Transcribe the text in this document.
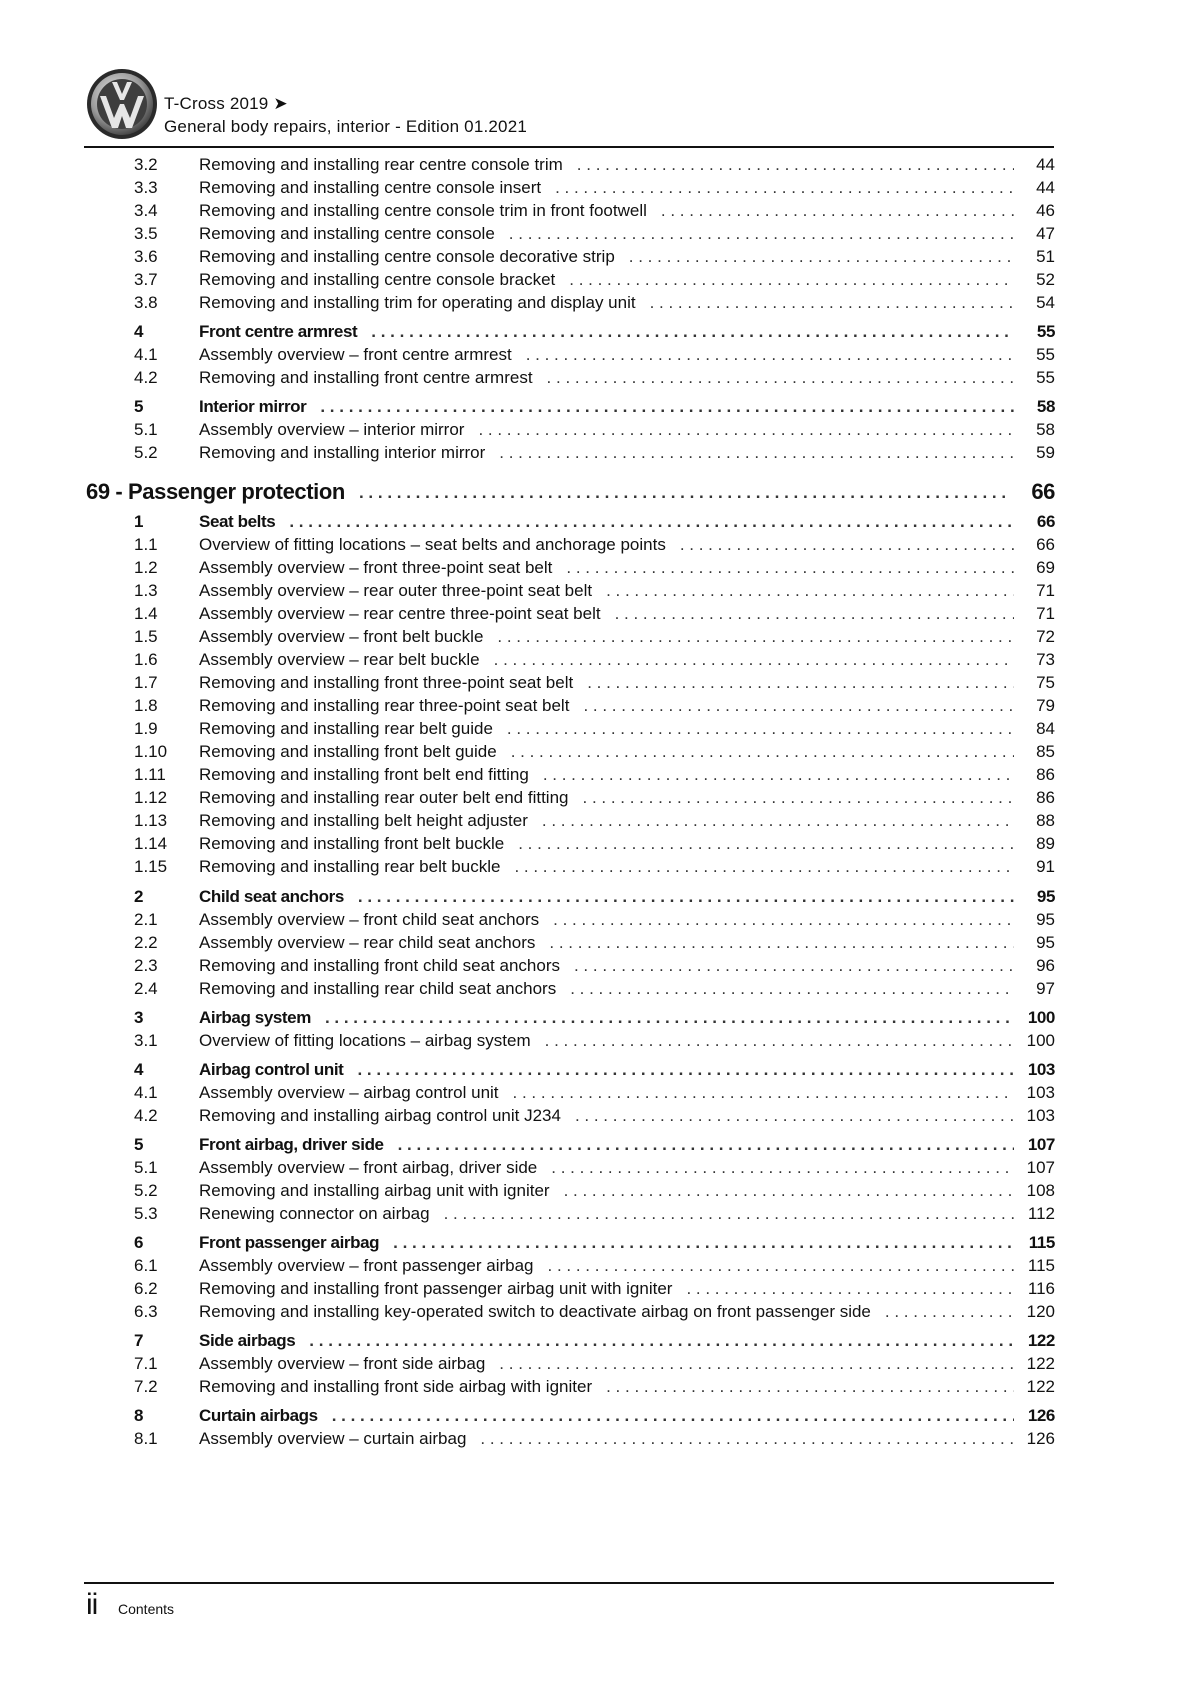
T-Cross 2019 ➤
General body repairs, interior - Edition 01.2021
3.2 Removing and installing rear centre console trim . . .	44
3.3 Removing and installing centre console insert . . .	44
3.4 Removing and installing centre console trim in front footwell . . .	46
3.5 Removing and installing centre console . . .	47
3.6 Removing and installing centre console decorative strip . . .	51
3.7 Removing and installing centre console bracket . . .	52
3.8 Removing and installing trim for operating and display unit . . .	54
4	Front centre armrest . . .	55
4.1 Assembly overview – front centre armrest . . .	55
4.2 Removing and installing front centre armrest . . .	55
5	Interior mirror . . .	58
5.1 Assembly overview – interior mirror . . .	58
5.2 Removing and installing interior mirror . . .	59
69 - Passenger protection . . .	66
1	Seat belts . . .	66
1.1 Overview of fitting locations – seat belts and anchorage points . . .	66
1.2 Assembly overview – front three-point seat belt . . .	69
1.3 Assembly overview – rear outer three-point seat belt . . .	71
1.4 Assembly overview – rear centre three-point seat belt . . .	71
1.5 Assembly overview – front belt buckle . . .	72
1.6 Assembly overview – rear belt buckle . . .	73
1.7 Removing and installing front three-point seat belt . . .	75
1.8 Removing and installing rear three-point seat belt . . .	79
1.9 Removing and installing rear belt guide . . .	84
1.10 Removing and installing front belt guide . . .	85
1.11 Removing and installing front belt end fitting . . .	86
1.12 Removing and installing rear outer belt end fitting . . .	86
1.13 Removing and installing belt height adjuster . . .	88
1.14 Removing and installing front belt buckle . . .	89
1.15 Removing and installing rear belt buckle . . .	91
2	Child seat anchors . . .	95
2.1 Assembly overview – front child seat anchors . . .	95
2.2 Assembly overview – rear child seat anchors . . .	95
2.3 Removing and installing front child seat anchors . . .	96
2.4 Removing and installing rear child seat anchors . . .	97
3	Airbag system . . .	100
3.1 Overview of fitting locations – airbag system . . .	100
4	Airbag control unit . . .	103
4.1 Assembly overview – airbag control unit . . .	103
4.2 Removing and installing airbag control unit J234 . . .	103
5	Front airbag, driver side . . .	107
5.1 Assembly overview – front airbag, driver side . . .	107
5.2 Removing and installing airbag unit with igniter . . .	108
5.3 Renewing connector on airbag . . .	112
6	Front passenger airbag . . .	115
6.1 Assembly overview – front passenger airbag . . .	115
6.2 Removing and installing front passenger airbag unit with igniter . . .	116
6.3 Removing and installing key-operated switch to deactivate airbag on front passenger side . . .	120
7	Side airbags . . .	122
7.1 Assembly overview – front side airbag . . .	122
7.2 Removing and installing front side airbag with igniter . . .	122
8	Curtain airbags . . .	126
8.1 Assembly overview – curtain airbag . . .	126
ii Contents
